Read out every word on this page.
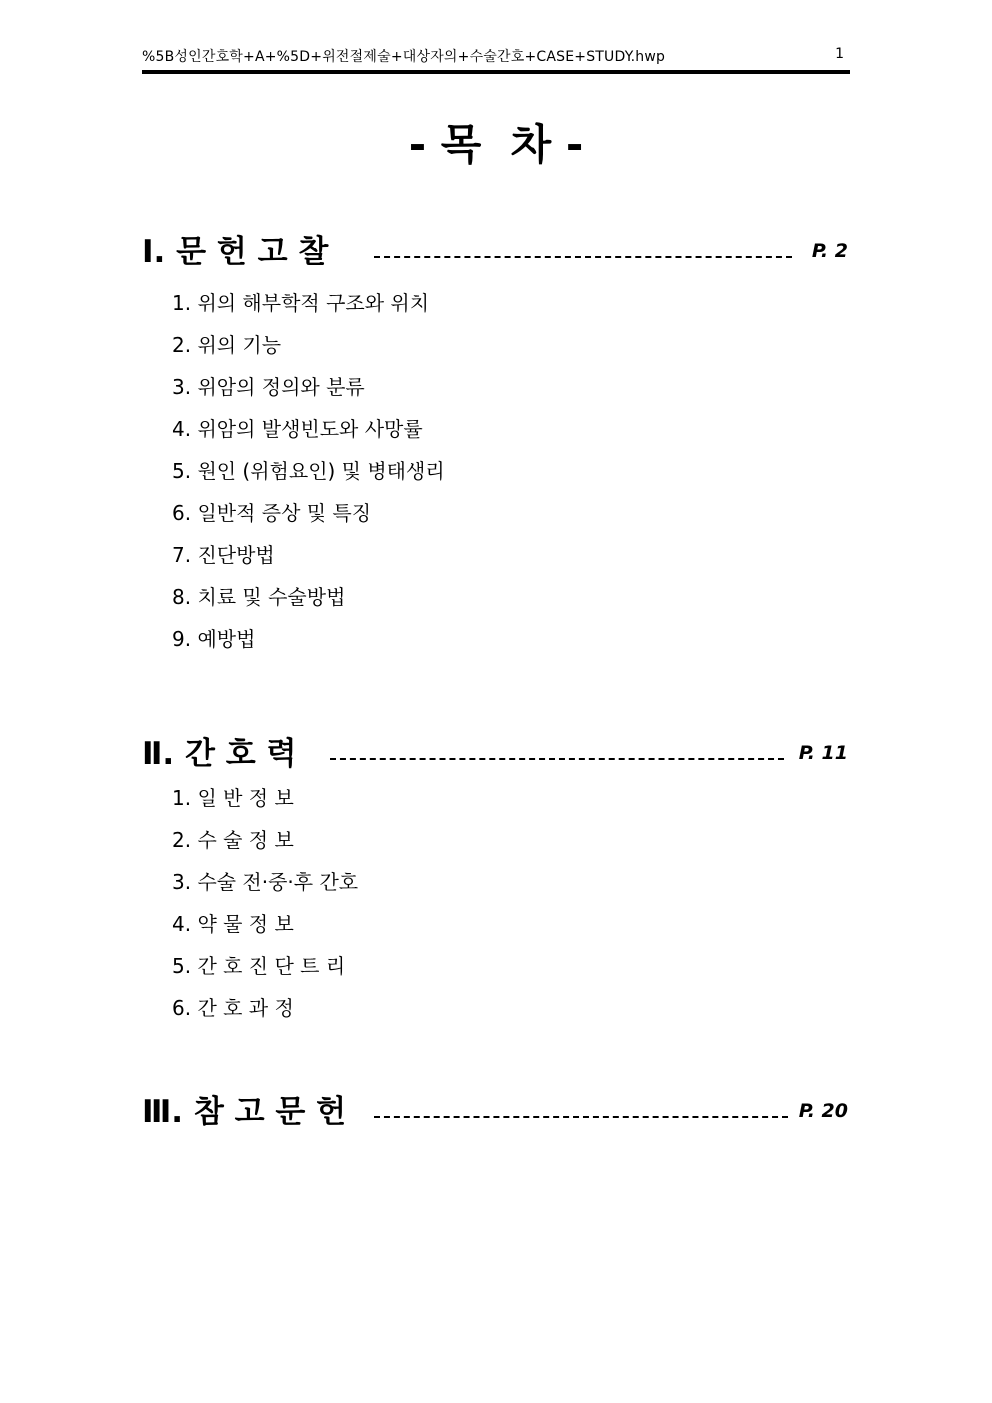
%5B성인간호학+A+%5D+위전절제술+대상자의+수술간호+CASE+STUDY.hwp	1
- 목  차 -
Ⅰ. 문 헌 고 찰	P. 2
1. 위의 해부학적 구조와 위치
2. 위의 기능
3. 위암의 정의와 분류
4. 위암의 발생빈도와 사망률
5. 원인 (위험요인) 및 병태생리
6. 일반적 증상 및 특징
7. 진단방법
8. 치료 및 수술방법
9. 예방법
Ⅱ. 간 호 력	P. 11
1. 일 반 정 보
2. 수 술 정 보
3. 수술 전·중·후 간호
4. 약 물 정 보
5. 간 호 진 단 트 리
6. 간 호 과 정
Ⅲ. 참 고 문 헌	P. 20
